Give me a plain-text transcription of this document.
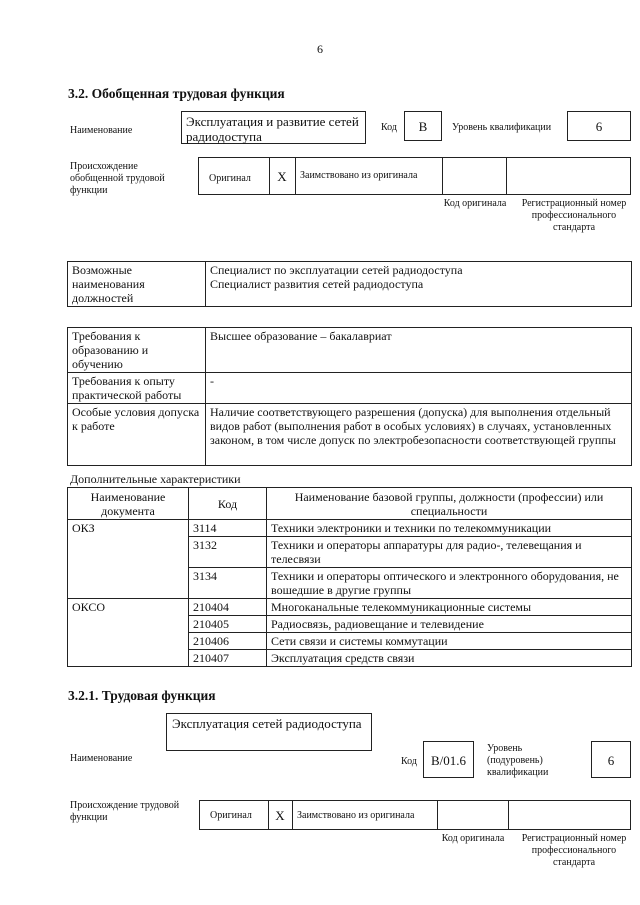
6
3.2. Обобщенная трудовая функция
Наименование
Эксплуатация и развитие сетей радиодоступа
Код	B	Уровень квалификации	6
Происхождение обобщенной трудовой функции
Оригинал	X	Заимствовано из оригинала
Код оригинала	Регистрационный номер профессионального стандарта
Возможные наименования должностей	
Специалист по эксплуатации сетей радиодоступа
Специалист развития сетей радиодоступа
Требования к образованию и обучению	Высшее образование – бакалавриат
Требования к опыту практической работы	-
Особые условия допуска к работе	Наличие соответствующего разрешения (допуска) для выполнения отдельный видов работ (выполнения работ в особых условиях) в случаях, установленных законом, в том числе допуск по электробезопасности соответствующей группы
Дополнительные характеристики
Наименование документа	Код	Наименование базовой группы, должности (профессии) или специальности
ОКЗ	3114	Техники электроники и техники по телекоммуникации
	3132	Техники и операторы аппаратуры для радио-, телевещания и телесвязи
	3134	Техники и операторы оптического и электронного оборудования, не вошедшие в другие группы
ОКСО	210404	Многоканальные телекоммуникационные системы
	210405	Радиосвязь, радиовещание и телевидение
	210406	Сети связи и системы коммутации
	210407	Эксплуатация средств связи
3.2.1. Трудовая функция
Наименование
Эксплуатация сетей радиодоступа
Код	B/01.6
Уровень (подуровень) квалификации
6
Происхождение трудовой функции	Оригинал	X	Заимствовано из оригинала
Код оригинала	Регистрационный номер профессионального стандарта
